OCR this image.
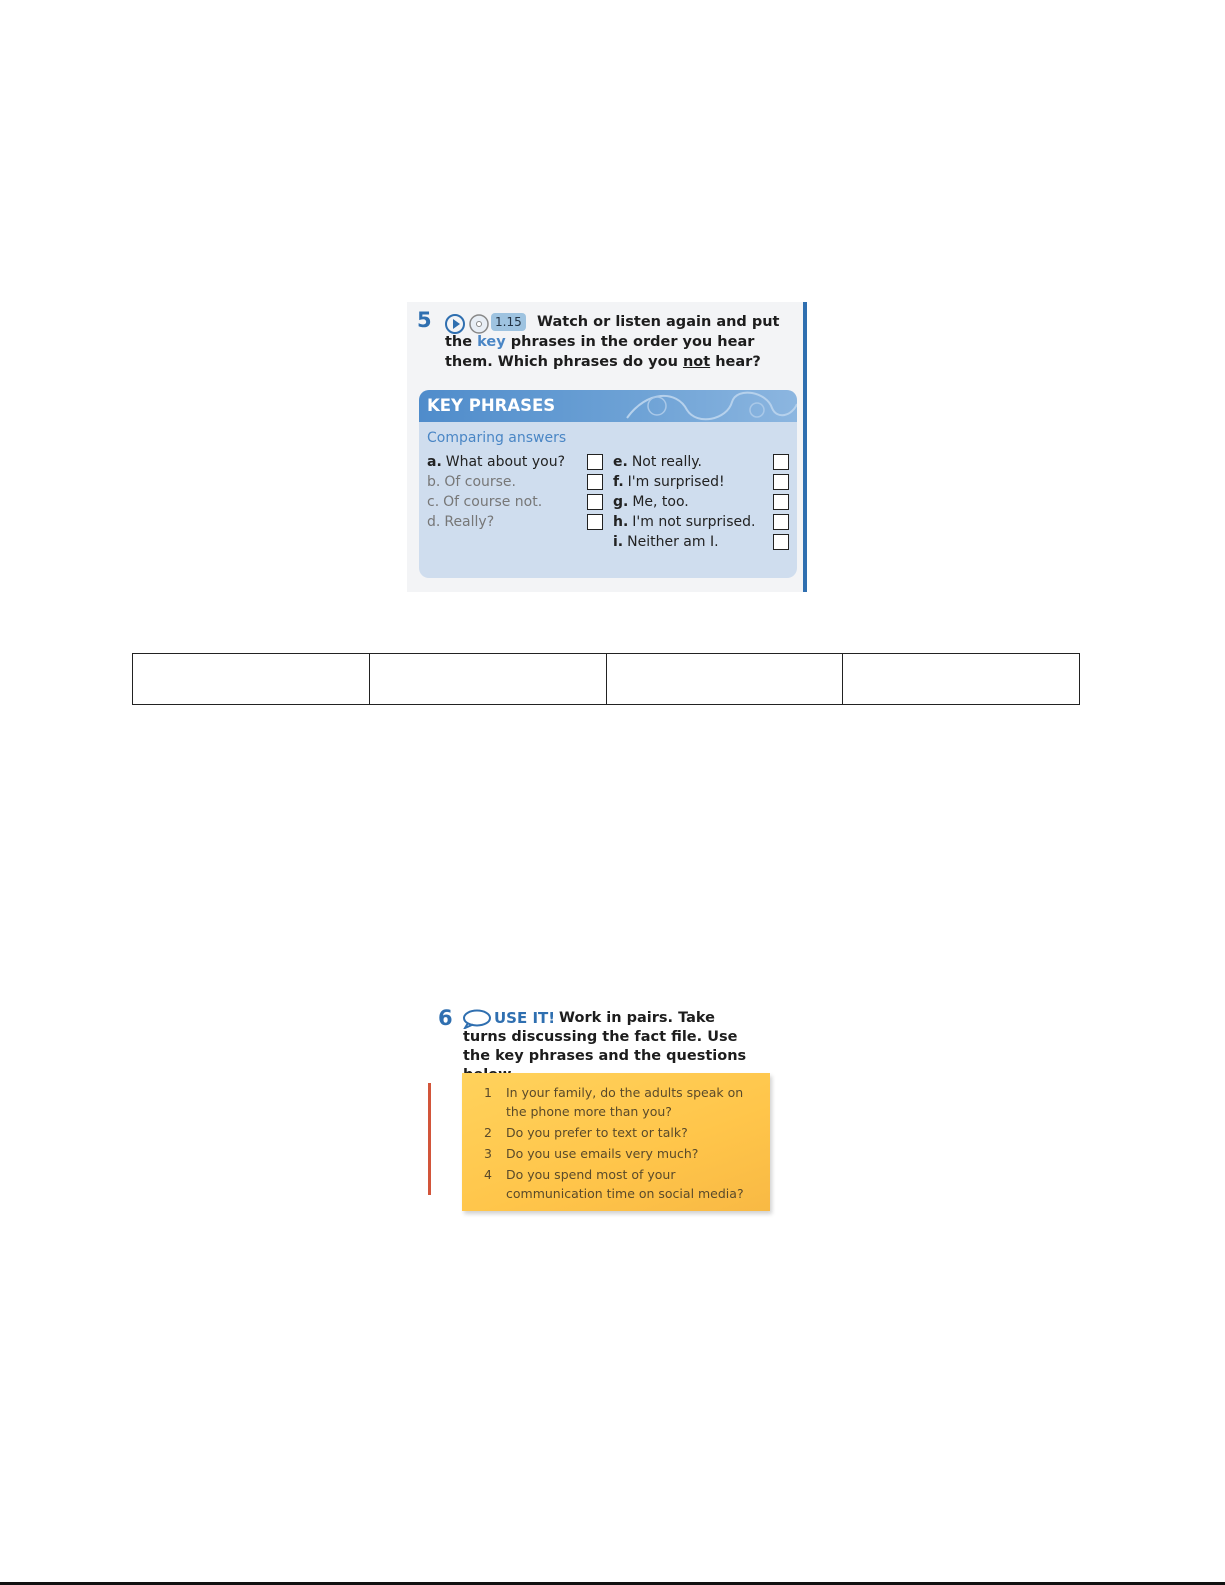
5	Watch or listen again and put the key phrases in the order you hear them. Which phrases do you not hear?
1.15
KEY PHRASES
Comparing answers
a. What about you?
b. Of course.
c. Of course not.
d. Really?
e. Not really.
f. I'm surprised!
g. Me, too.
h. I'm not surprised.
i. Neither am I.

6	USE IT! Work in pairs. Take turns discussing the fact file. Use the key phrases and the questions
1 In your family, do the adults speak on the phone more than you?
2 Do you prefer to text or talk?
3 Do you use emails very much?
4 Do you spend most of your communication time on social media?
